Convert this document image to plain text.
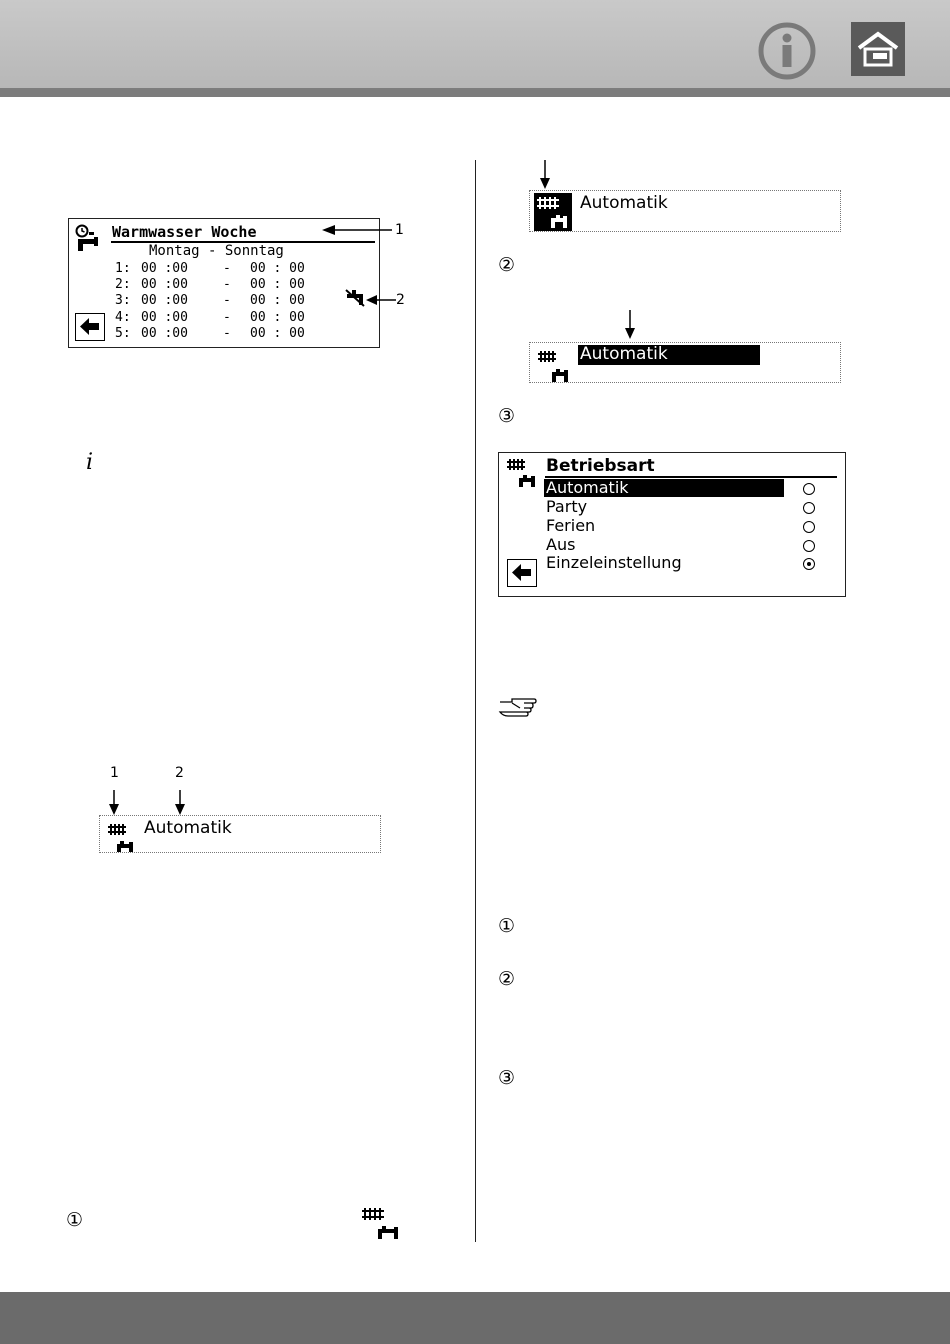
Warmwasser Woche
Montag - Sonntag
1: 00 :00	- 00 : 00
2: 00 :00	- 00 : 00
3: 00 :00	- 00 : 00
4: 00 :00	- 00 : 00
5: 00 :00	- 00 : 00
1
2
i
1	2
Automatik
①
Automatik
②
Automatik
③
Betriebsart
Automatik
Party
Ferien
Aus
Einzeleinstellung
①
②
③
